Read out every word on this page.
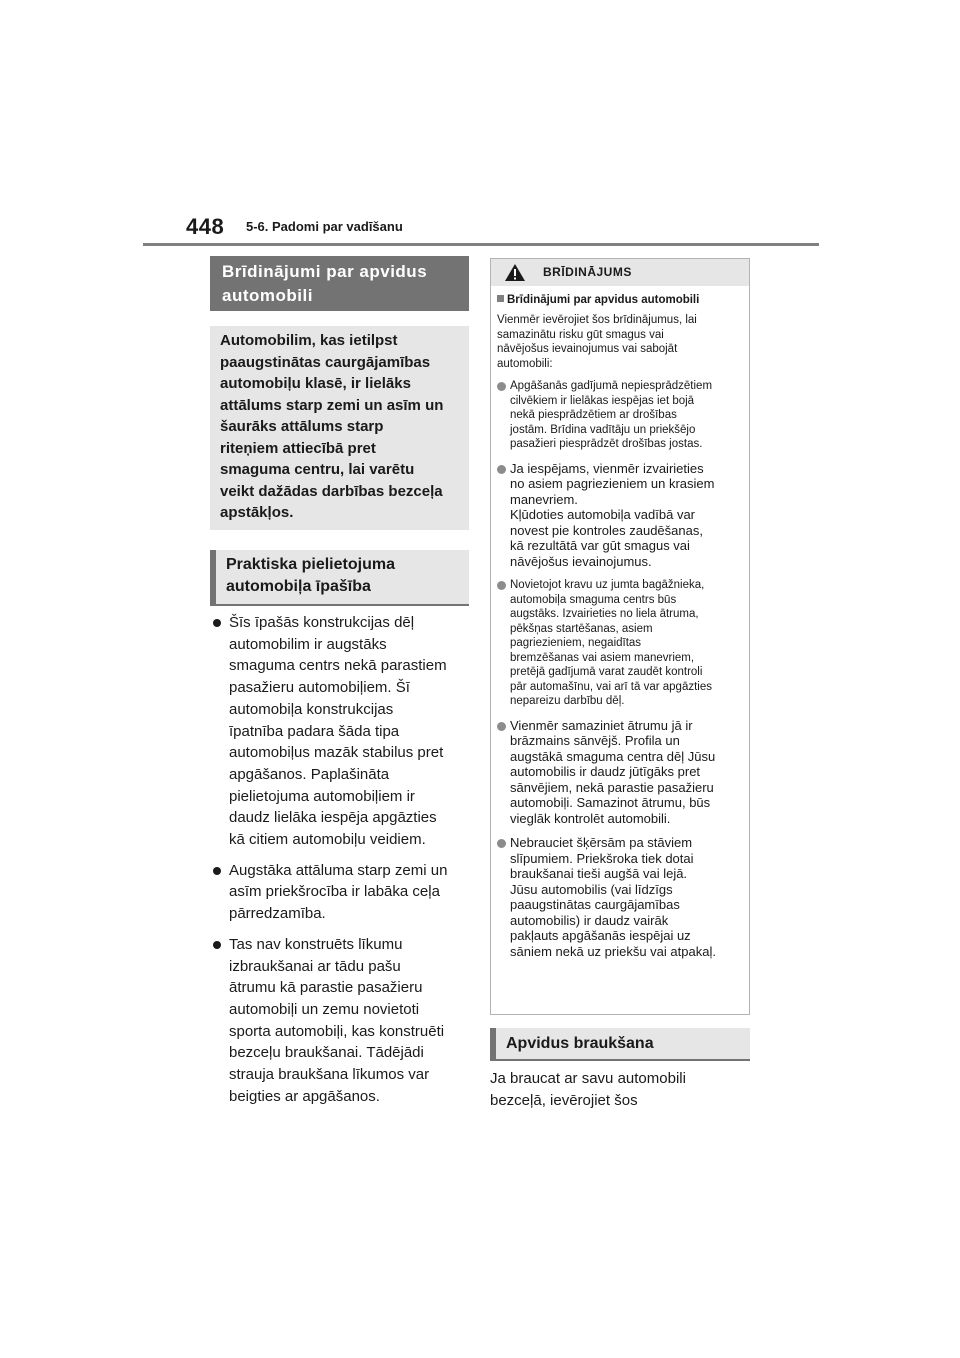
448 5-6. Padomi par vadīšanu
Brīdinājumi par apvidus
automobili
Automobilim, kas ietilpst
paaugstinātas caurgājamības
automobiļu klasē, ir lielāks
attālums starp zemi un asīm un
šaurāks attālums starp
riteņiem attiecībā pret
smaguma centru, lai varētu
veikt dažādas darbības bezceļa
apstākļos.
Praktiska pielietojuma
automobiļa īpašība
Šīs īpašās konstrukcijas dēļ
automobilim ir augstāks
smaguma centrs nekā parastiem
pasažieru automobiļiem. Šī
automobiļa konstrukcijas
īpatnība padara šāda tipa
automobiļus mazāk stabilus pret
apgāšanos. Paplašināta
pielietojuma automobiļiem ir
daudz lielāka iespēja apgāzties
kā citiem automobiļu veidiem.
Augstāka attāluma starp zemi un
asīm priekšrocība ir labāka ceļa
pārredzamība.
Tas nav konstruēts līkumu
izbraukšanai ar tādu pašu
ātrumu kā parastie pasažieru
automobiļi un zemu novietoti
sporta automobiļi, kas konstruēti
bezceļu braukšanai. Tādējādi
strauja braukšana līkumos var
beigties ar apgāšanos.
BRĪDINĀJUMS
Brīdinājumi par apvidus automobili
Vienmēr ievērojiet šos brīdinājumus, lai
samazinātu risku gūt smagus vai
nāvējošus ievainojumus vai sabojāt
automobili:
Apgāšanās gadījumā nepiesprādzētiem
cilvēkiem ir lielākas iespējas iet bojā
nekā piesprādzētiem ar drošības
jostām. Brīdina vadītāju un priekšējo
pasažieri piesprādzēt drošības jostas.
Ja iespējams, vienmēr izvairieties
no asiem pagriezieniem un krasiem
manevriem.
Kļūdoties automobiļa vadībā var
novest pie kontroles zaudēšanas,
kā rezultātā var gūt smagus vai
nāvējošus ievainojumus.
Novietojot kravu uz jumta bagāžnieka,
automobiļa smaguma centrs būs
augstāks. Izvairieties no liela ātruma,
pēkšņas startēšanas, asiem
pagriezieniem, negaidītas
bremzēšanas vai asiem manevriem,
pretējā gadījumā varat zaudēt kontroli
pār automašīnu, vai arī tā var apgāzties
nepareizu darbību dēļ.
Vienmēr samaziniet ātrumu jā ir
brāzmains sānvējš. Profila un
augstākā smaguma centra dēļ Jūsu
automobilis ir daudz jūtīgāks pret
sānvējiem, nekā parastie pasažieru
automobiļi. Samazinot ātrumu, būs
vieglāk kontrolēt automobili.
Nebrauciet šķērsām pa stāviem
slīpumiem. Priekšroka tiek dotai
braukšanai tieši augšā vai lejā.
Jūsu automobilis (vai līdzīgs
paaugstinātas caurgājamības
automobilis) ir daudz vairāk
pakļauts apgāšanās iespējai uz
sāniem nekā uz priekšu vai atpakaļ.
Apvidus braukšana
Ja braucat ar savu automobili
bezceļā, ievērojiet šos
